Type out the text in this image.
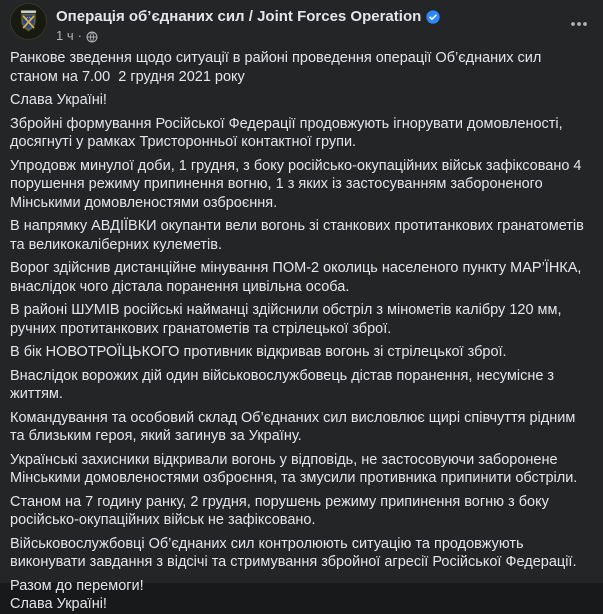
Операція об’єднаних сил / Joint Forces Operation
1 ч ·

Ранкове зведення щодо ситуації в районі проведення операції Об’єднаних сил станом на 7.00  2 грудня 2021 року

Слава Україні!

Збройні формування Російської Федерації продовжують ігнорувати домовленості, досягнуті у рамках Тристоронньої контактної групи.

Упродовж минулої доби, 1 грудня, з боку російсько-окупаційних військ зафіксовано 4 порушення режиму припинення вогню, 1 з яких із застосуванням забороненого Мінськими домовленостями озброєння.

В напрямку АВДІЇВКИ окупанти вели вогонь зі станкових протитанкових гранатометів та великокаліберних кулеметів.

Ворог здійснив дистанційне мінування ПОМ-2 околиць населеного пункту МАР’ЇНКА, внаслідок чого дістала поранення цивільна особа.

В районі ШУМІВ російські найманці здійснили обстріл з мінометів калібру 120 мм, ручних протитанкових гранатометів та стрілецької зброї.

В бік НОВОТРОЇЦЬКОГО противник відкривав вогонь зі стрілецької зброї.

Внаслідок ворожих дій один військовослужбовець дістав поранення, несумісне з життям.

Командування та особовий склад Об’єднаних сил висловлює щирі співчуття рідним та близьким героя, який загинув за Україну.

Українські захисники відкривали вогонь у відповідь, не застосовуючи заборонене Мінськими домовленостями озброєння, та змусили противника припинити обстріли.

Станом на 7 годину ранку, 2 грудня, порушень режиму припинення вогню з боку російсько-окупаційних військ не зафіксовано.

Військовослужбовці Об’єднаних сил контролюють ситуацію та продовжують виконувати завдання з відсічі та стримування збройної агресії Російської Федерації.

Разом до перемоги!
Слава Україні!
